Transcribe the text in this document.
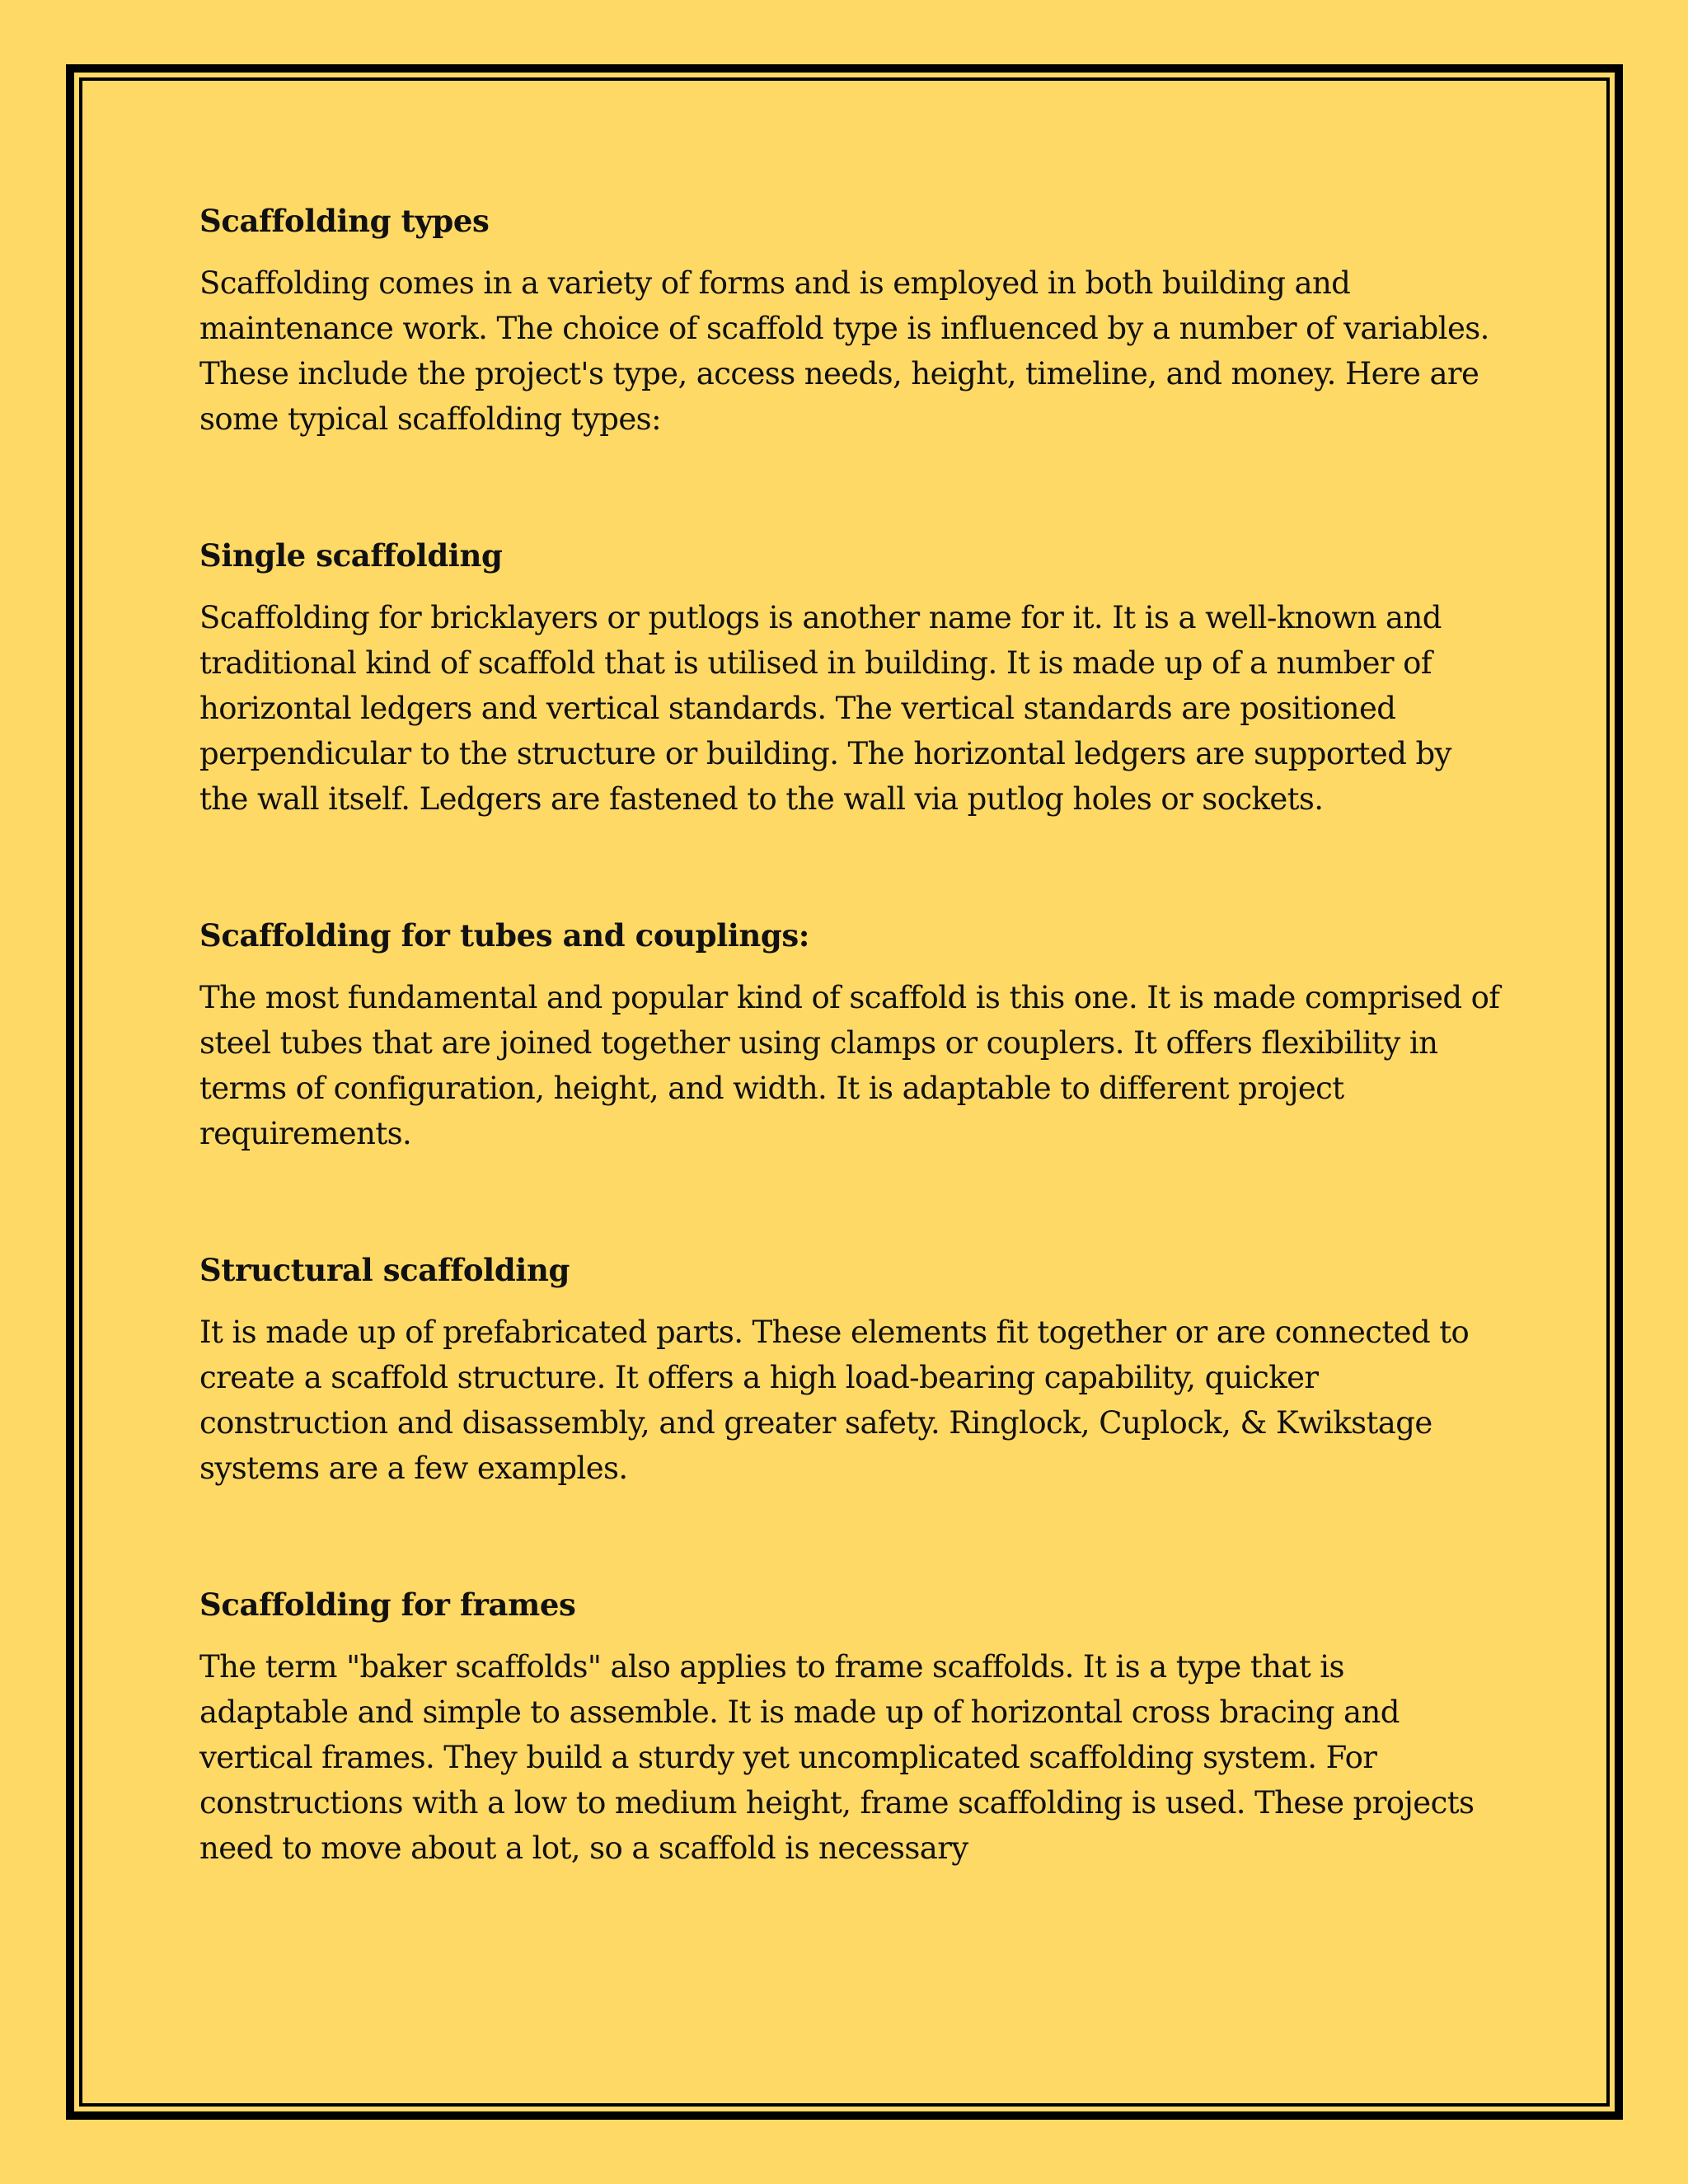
Scaffolding types

Scaffolding comes in a variety of forms and is employed in both building and maintenance work. The choice of scaffold type is influenced by a number of variables. These include the project's type, access needs, height, timeline, and money. Here are some typical scaffolding types:

Single scaffolding

Scaffolding for bricklayers or putlogs is another name for it. It is a well-known and traditional kind of scaffold that is utilised in building. It is made up of a number of horizontal ledgers and vertical standards. The vertical standards are positioned perpendicular to the structure or building. The horizontal ledgers are supported by the wall itself. Ledgers are fastened to the wall via putlog holes or sockets.

Scaffolding for tubes and couplings:

The most fundamental and popular kind of scaffold is this one. It is made comprised of steel tubes that are joined together using clamps or couplers. It offers flexibility in terms of configuration, height, and width. It is adaptable to different project requirements.

Structural scaffolding

It is made up of prefabricated parts. These elements fit together or are connected to create a scaffold structure. It offers a high load-bearing capability, quicker construction and disassembly, and greater safety. Ringlock, Cuplock, & Kwikstage systems are a few examples.

Scaffolding for frames

The term "baker scaffolds" also applies to frame scaffolds. It is a type that is adaptable and simple to assemble. It is made up of horizontal cross bracing and vertical frames. They build a sturdy yet uncomplicated scaffolding system. For constructions with a low to medium height, frame scaffolding is used. These projects need to move about a lot, so a scaffold is necessary
